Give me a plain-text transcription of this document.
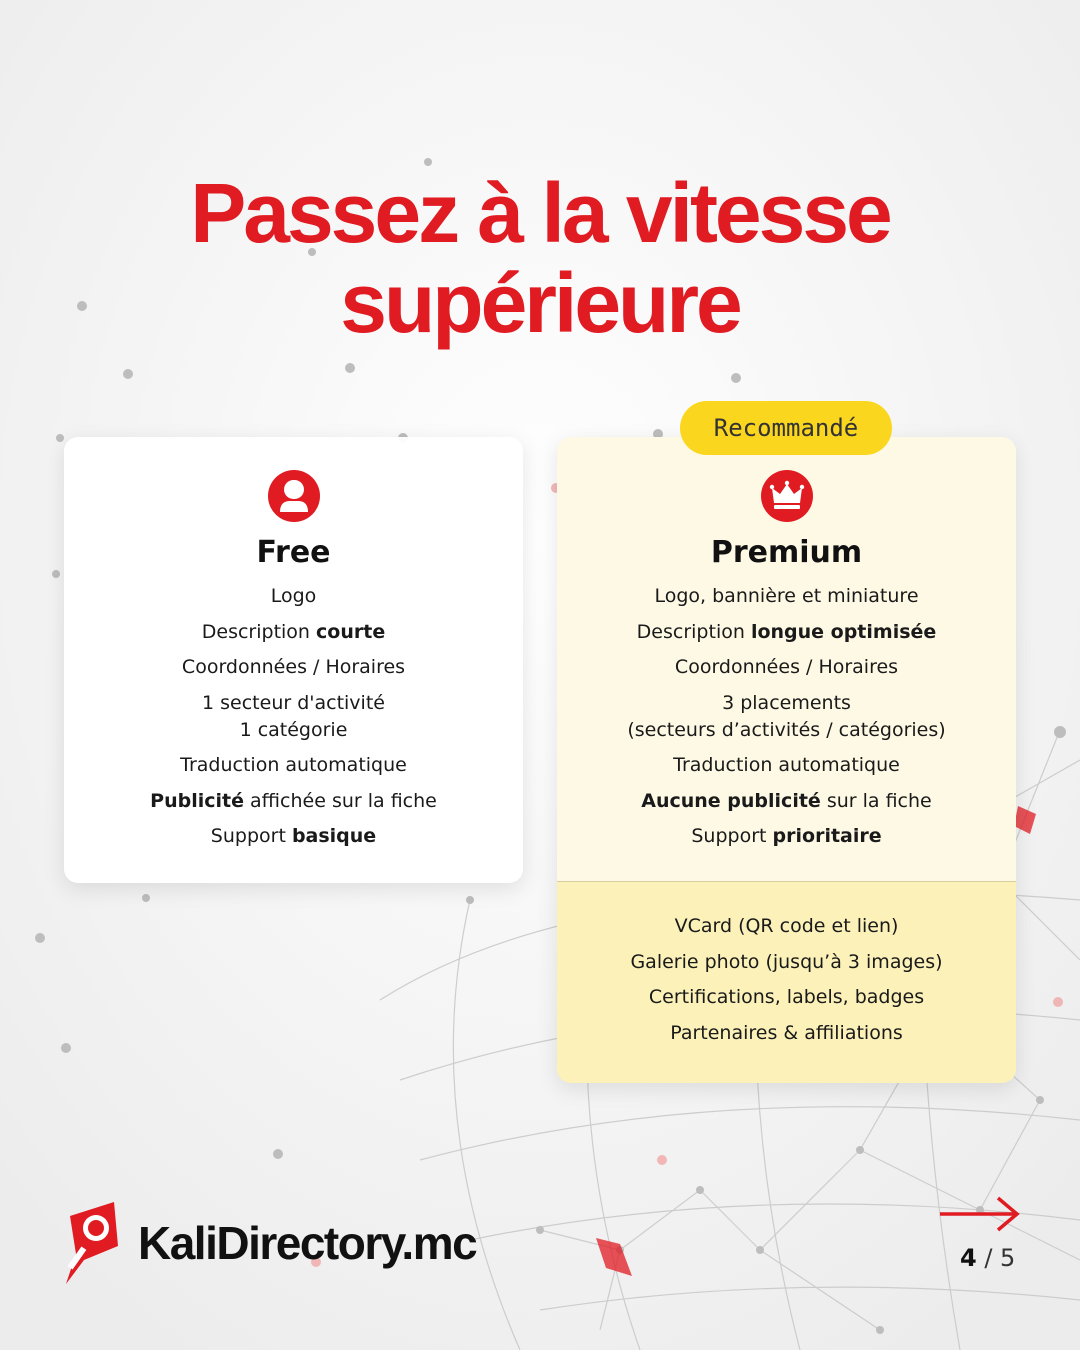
Passez à la vitesse
supérieure
Free
Logo
Description courte
Coordonnées / Horaires
1 secteur d'activité
1 catégorie
Traduction automatique
Publicité affichée sur la fiche
Support basique
Recommandé
Premium
Logo, bannière et miniature
Description longue optimisée
Coordonnées / Horaires
3 placements
(secteurs d’activités / catégories)
Traduction automatique
Aucune publicité sur la fiche
Support prioritaire
VCard (QR code et lien)
Galerie photo (jusqu’à 3 images)
Certifications, labels, badges
Partenaires & affiliations
KaliDirectory.mc	4 / 5
